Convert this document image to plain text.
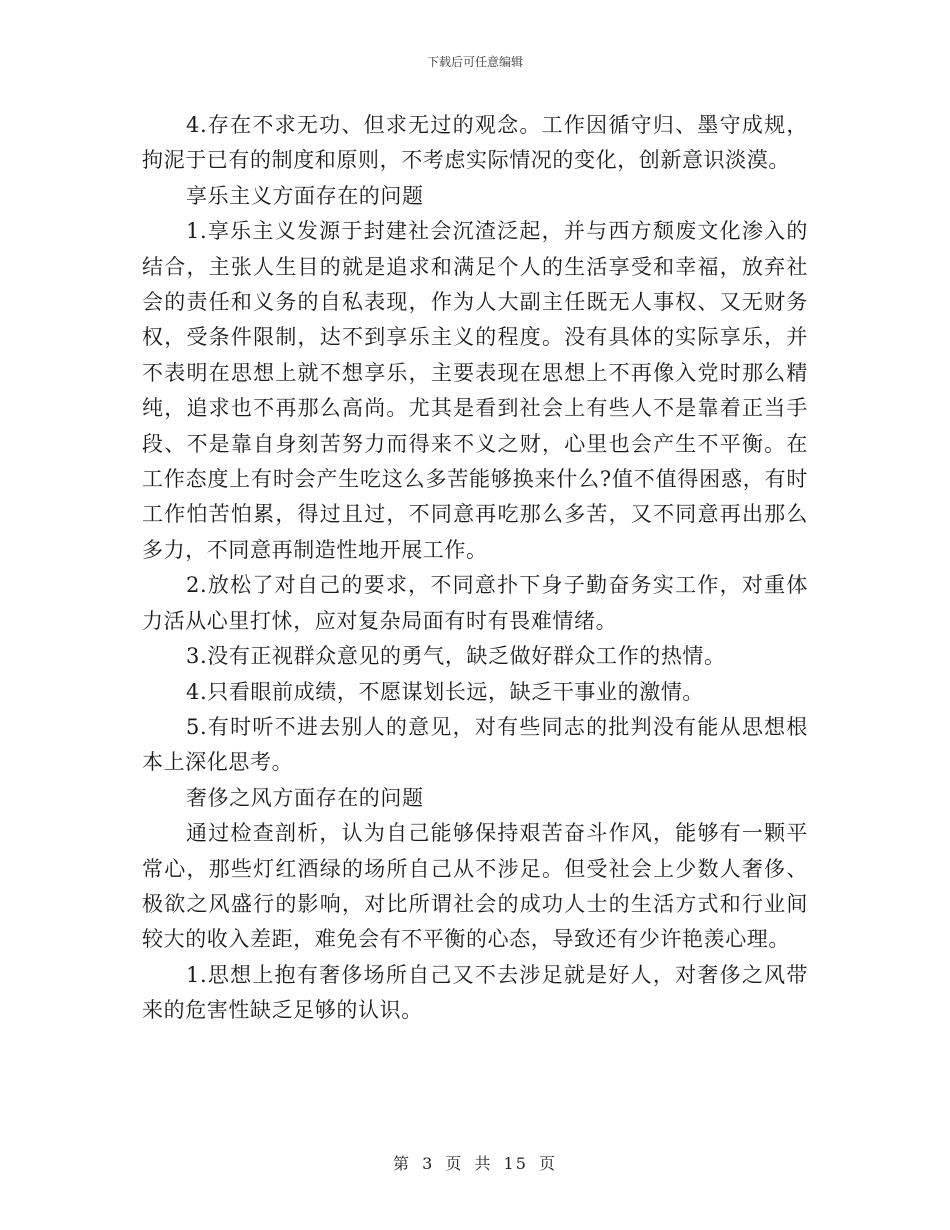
下载后可任意编辑

4.存在不求无功、但求无过的观念。工作因循守归、墨守成规，拘泥于已有的制度和原则，不考虑实际情况的变化，创新意识淡漠。

享乐主义方面存在的问题

1.享乐主义发源于封建社会沉渣泛起，并与西方颓废文化渗入的结合，主张人生目的就是追求和满足个人的生活享受和幸福，放弃社会的责任和义务的自私表现，作为人大副主任既无人事权、又无财务权，受条件限制，达不到享乐主义的程度。没有具体的实际享乐，并不表明在思想上就不想享乐，主要表现在思想上不再像入党时那么精纯，追求也不再那么高尚。尤其是看到社会上有些人不是靠着正当手段、不是靠自身刻苦努力而得来不义之财，心里也会产生不平衡。在工作态度上有时会产生吃这么多苦能够换来什么?值不值得困惑，有时工作怕苦怕累，得过且过，不同意再吃那么多苦，又不同意再出那么多力，不同意再制造性地开展工作。

2.放松了对自己的要求，不同意扑下身子勤奋务实工作，对重体力活从心里打怵，应对复杂局面有时有畏难情绪。

3.没有正视群众意见的勇气，缺乏做好群众工作的热情。

4.只看眼前成绩，不愿谋划长远，缺乏干事业的激情。

5.有时听不进去别人的意见，对有些同志的批判没有能从思想根本上深化思考。

奢侈之风方面存在的问题

通过检查剖析，认为自己能够保持艰苦奋斗作风，能够有一颗平常心，那些灯红酒绿的场所自己从不涉足。但受社会上少数人奢侈、极欲之风盛行的影响，对比所谓社会的成功人士的生活方式和行业间较大的收入差距，难免会有不平衡的心态，导致还有少许艳羡心理。

1.思想上抱有奢侈场所自己又不去涉足就是好人，对奢侈之风带来的危害性缺乏足够的认识。

第 3 页 共 15 页
